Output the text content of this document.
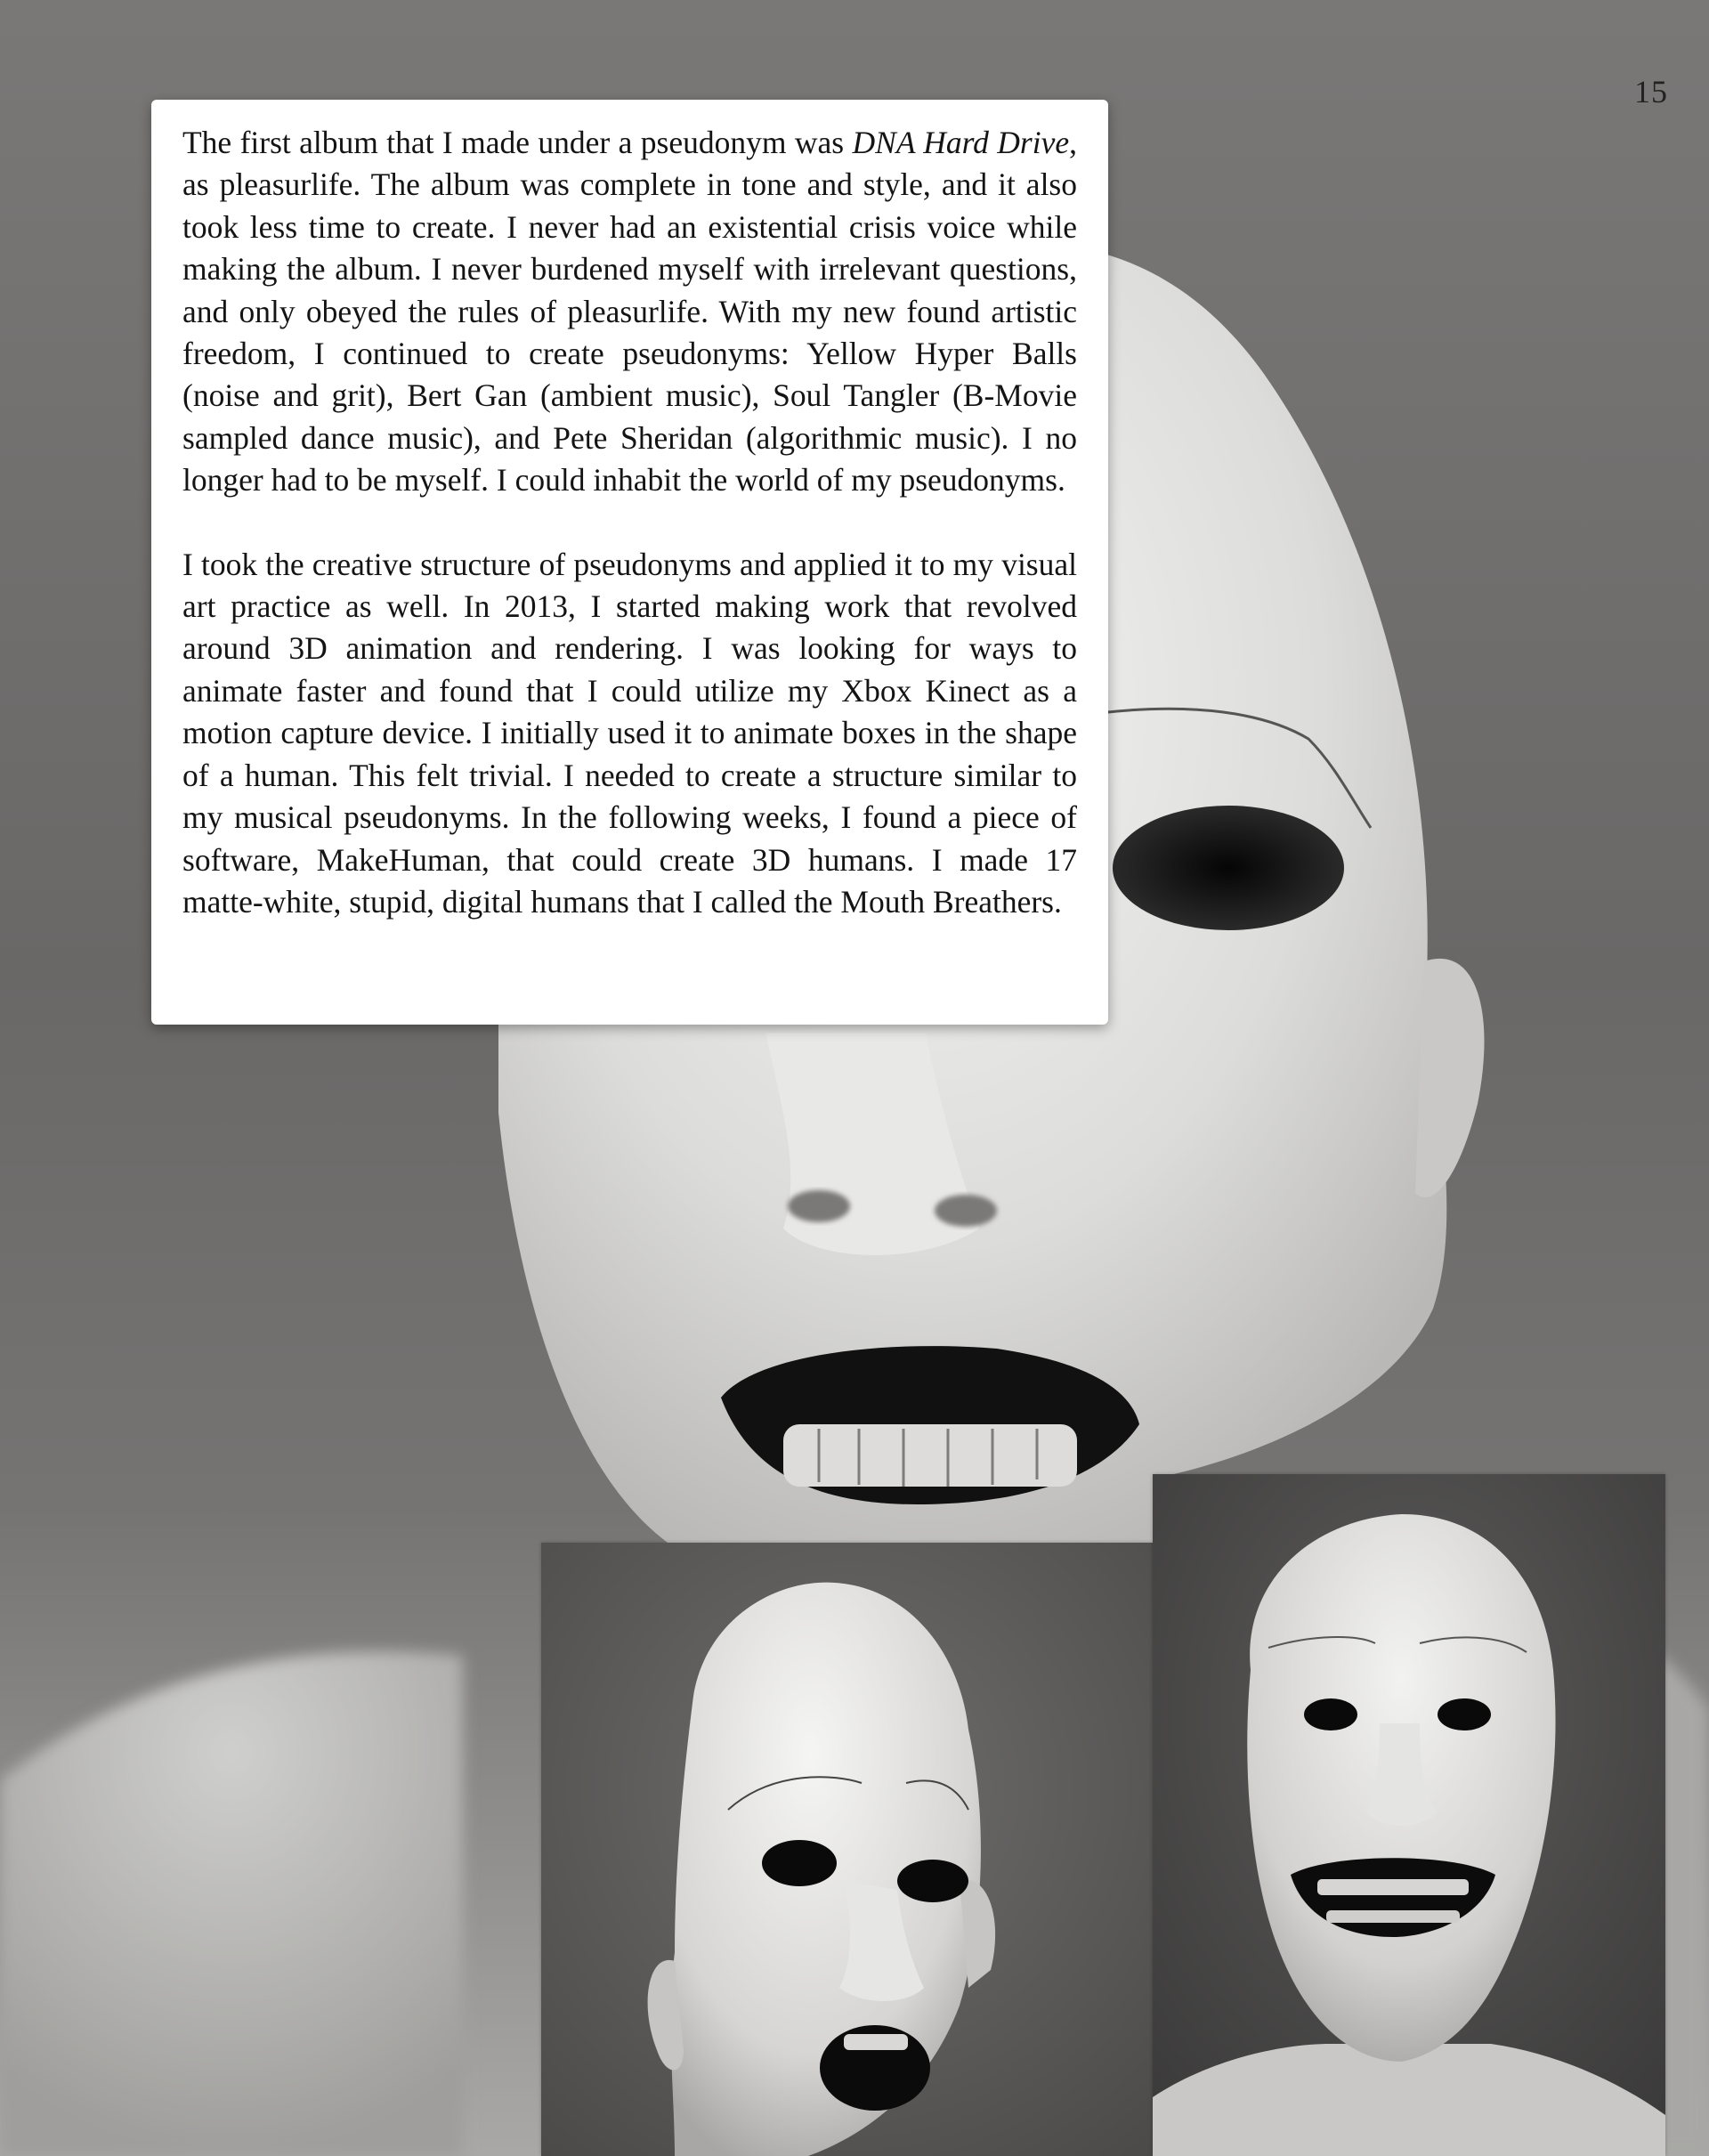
15

The first album that I made under a pseudonym was DNA Hard Drive, as pleasurlife. The album was complete in tone and style, and it also took less time to create. I never had an existential crisis voice while making the album. I never burdened myself with irrelevant questions, and only obeyed the rules of pleasurlife. With my new found artistic freedom, I continued to create pseudonyms: Yellow Hyper Balls (noise and grit), Bert Gan (ambient music), Soul Tangler (B-Movie sampled dance music), and Pete Sheridan (algorithmic music). I no longer had to be myself. I could inhabit the world of my pseudonyms.

I took the creative structure of pseudonyms and applied it to my visual art practice as well. In 2013, I started making work that revolved around 3D animation and rendering. I was looking for ways to animate faster and found that I could utilize my Xbox Kinect as a motion capture device. I initially used it to animate boxes in the shape of a human. This felt trivial. I needed to create a structure similar to my musical pseudonyms. In the following weeks, I found a piece of software, MakeHuman, that could create 3D humans. I made 17 matte-white, stupid, digital humans that I called the Mouth Breathers.
